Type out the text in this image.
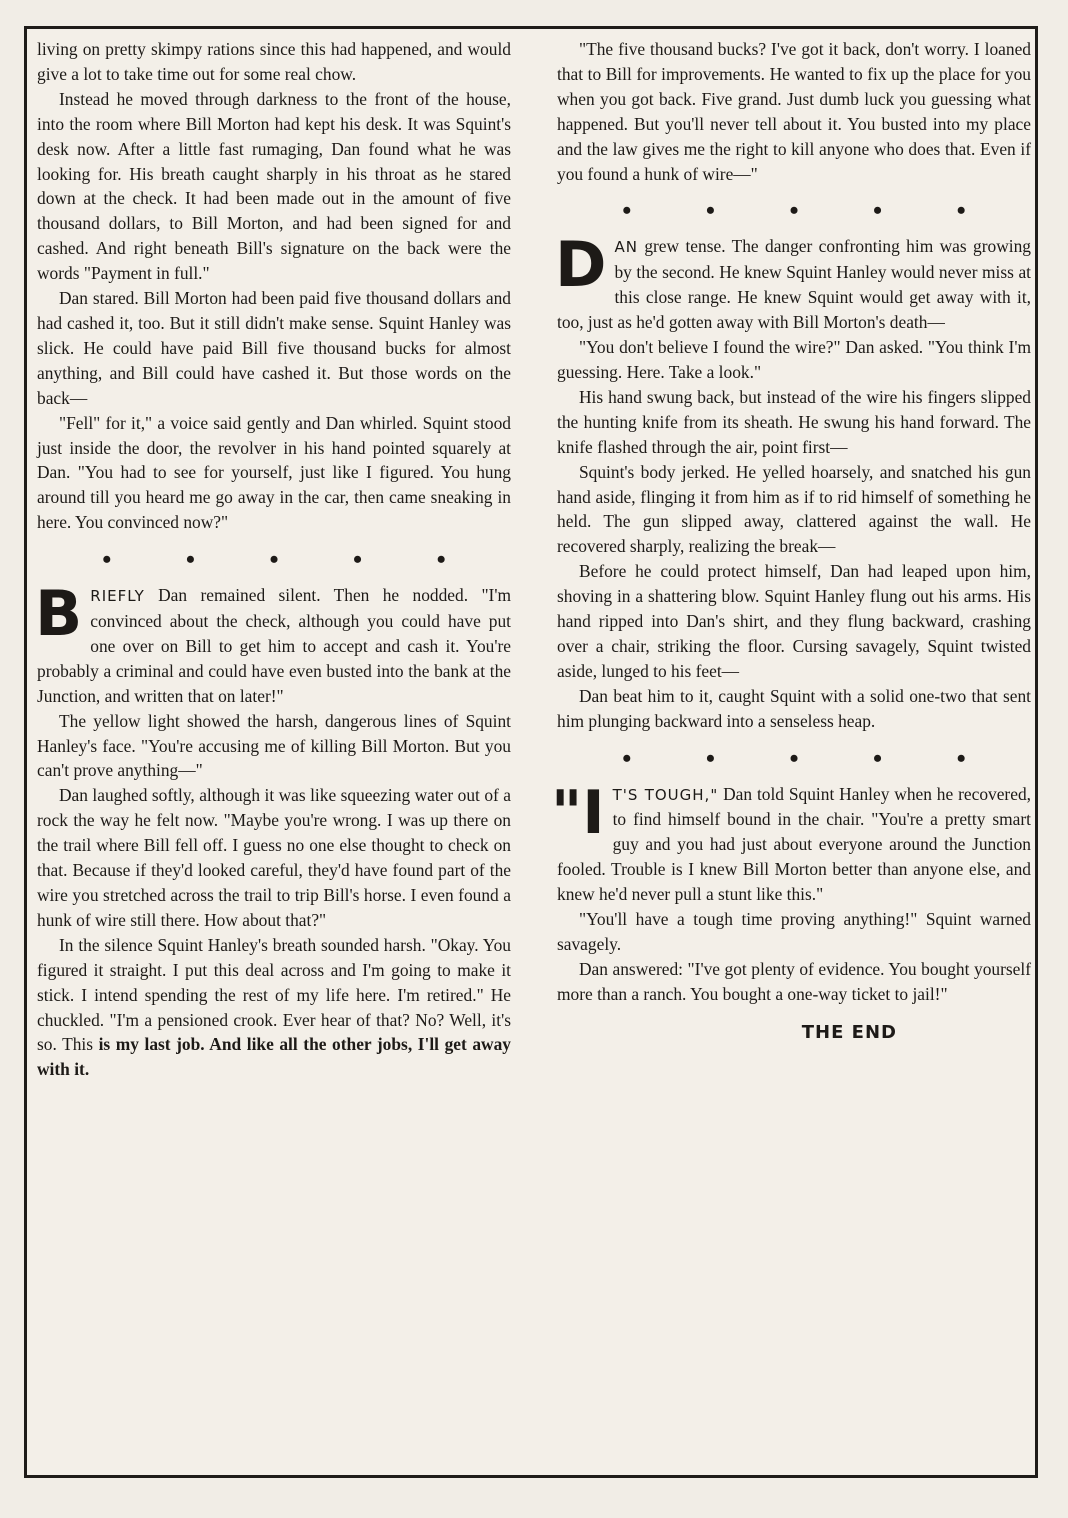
living on pretty skimpy rations since this had happened, and would give a lot to take time out for some real chow.

Instead he moved through darkness to the front of the house, into the room where Bill Morton had kept his desk. It was Squint's desk now. After a little fast rumaging, Dan found what he was looking for. His breath caught sharply in his throat as he stared down at the check. It had been made out in the amount of five thousand dollars, to Bill Morton, and had been signed for and cashed. And right beneath Bill's signature on the back were the words "Payment in full."

Dan stared. Bill Morton had been paid five thousand dollars and had cashed it, too. But it still didn't make sense. Squint Hanley was slick. He could have paid Bill five thousand bucks for almost anything, and Bill could have cashed it. But those words on the back—

"Fell" for it," a voice said gently and Dan whirled. Squint stood just inside the door, the revolver in his hand pointed squarely at Dan. "You had to see for yourself, just like I figured. You hung around till you heard me go away in the car, then came sneaking in here. You convinced now?"

• • • • •

BRIEFLY Dan remained silent. Then he nodded. "I'm convinced about the check, although you could have put one over on Bill to get him to accept and cash it. You're probably a criminal and could have even busted into the bank at the Junction, and written that on later!"

The yellow light showed the harsh, dangerous lines of Squint Hanley's face. "You're accusing me of killing Bill Morton. But you can't prove anything—"

Dan laughed softly, although it was like squeezing water out of a rock the way he felt now. "Maybe you're wrong. I was up there on the trail where Bill fell off. I guess no one else thought to check on that. Because if they'd looked careful, they'd have found part of the wire you stretched across the trail to trip Bill's horse. I even found a hunk of wire still there. How about that?"

In the silence Squint Hanley's breath sounded harsh. "Okay. You figured it straight. I put this deal across and I'm going to make it stick. I intend spending the rest of my life here. I'm retired." He chuckled. "I'm a pensioned crook. Ever hear of that? No? Well, it's so. This is my last job. And like all the other jobs, I'll get away with it.

"The five thousand bucks? I've got it back, don't worry. I loaned that to Bill for improvements. He wanted to fix up the place for you when you got back. Five grand. Just dumb luck you guessing what happened. But you'll never tell about it. You busted into my place and the law gives me the right to kill anyone who does that. Even if you found a hunk of wire—"

• • • • •

DAN grew tense. The danger confronting him was growing by the second. He knew Squint Hanley would never miss at this close range. He knew Squint would get away with it, too, just as he'd gotten away with Bill Morton's death—

"You don't believe I found the wire?" Dan asked. "You think I'm guessing. Here. Take a look."

His hand swung back, but instead of the wire his fingers slipped the hunting knife from its sheath. He swung his hand forward. The knife flashed through the air, point first—

Squint's body jerked. He yelled hoarsely, and snatched his gun hand aside, flinging it from him as if to rid himself of something he held. The gun slipped away, clattered against the wall. He recovered sharply, realizing the break—

Before he could protect himself, Dan had leaped upon him, shoving in a shattering blow. Squint Hanley flung out his arms. His hand ripped into Dan's shirt, and they flung backward, crashing over a chair, striking the floor. Cursing savagely, Squint twisted aside, lunged to his feet—

Dan beat him to it, caught Squint with a solid one-two that sent him plunging backward into a senseless heap.

• • • • •

"I T'S TOUGH," Dan told Squint Hanley when he recovered, to find himself bound in the chair. "You're a pretty smart guy and you had just about everyone around the Junction fooled. Trouble is I knew Bill Morton better than anyone else, and knew he'd never pull a stunt like this."

"You'll have a tough time proving anything!" Squint warned savagely.

Dan answered: "I've got plenty of evidence. You bought yourself more than a ranch. You bought a one-way ticket to jail!"

THE END
